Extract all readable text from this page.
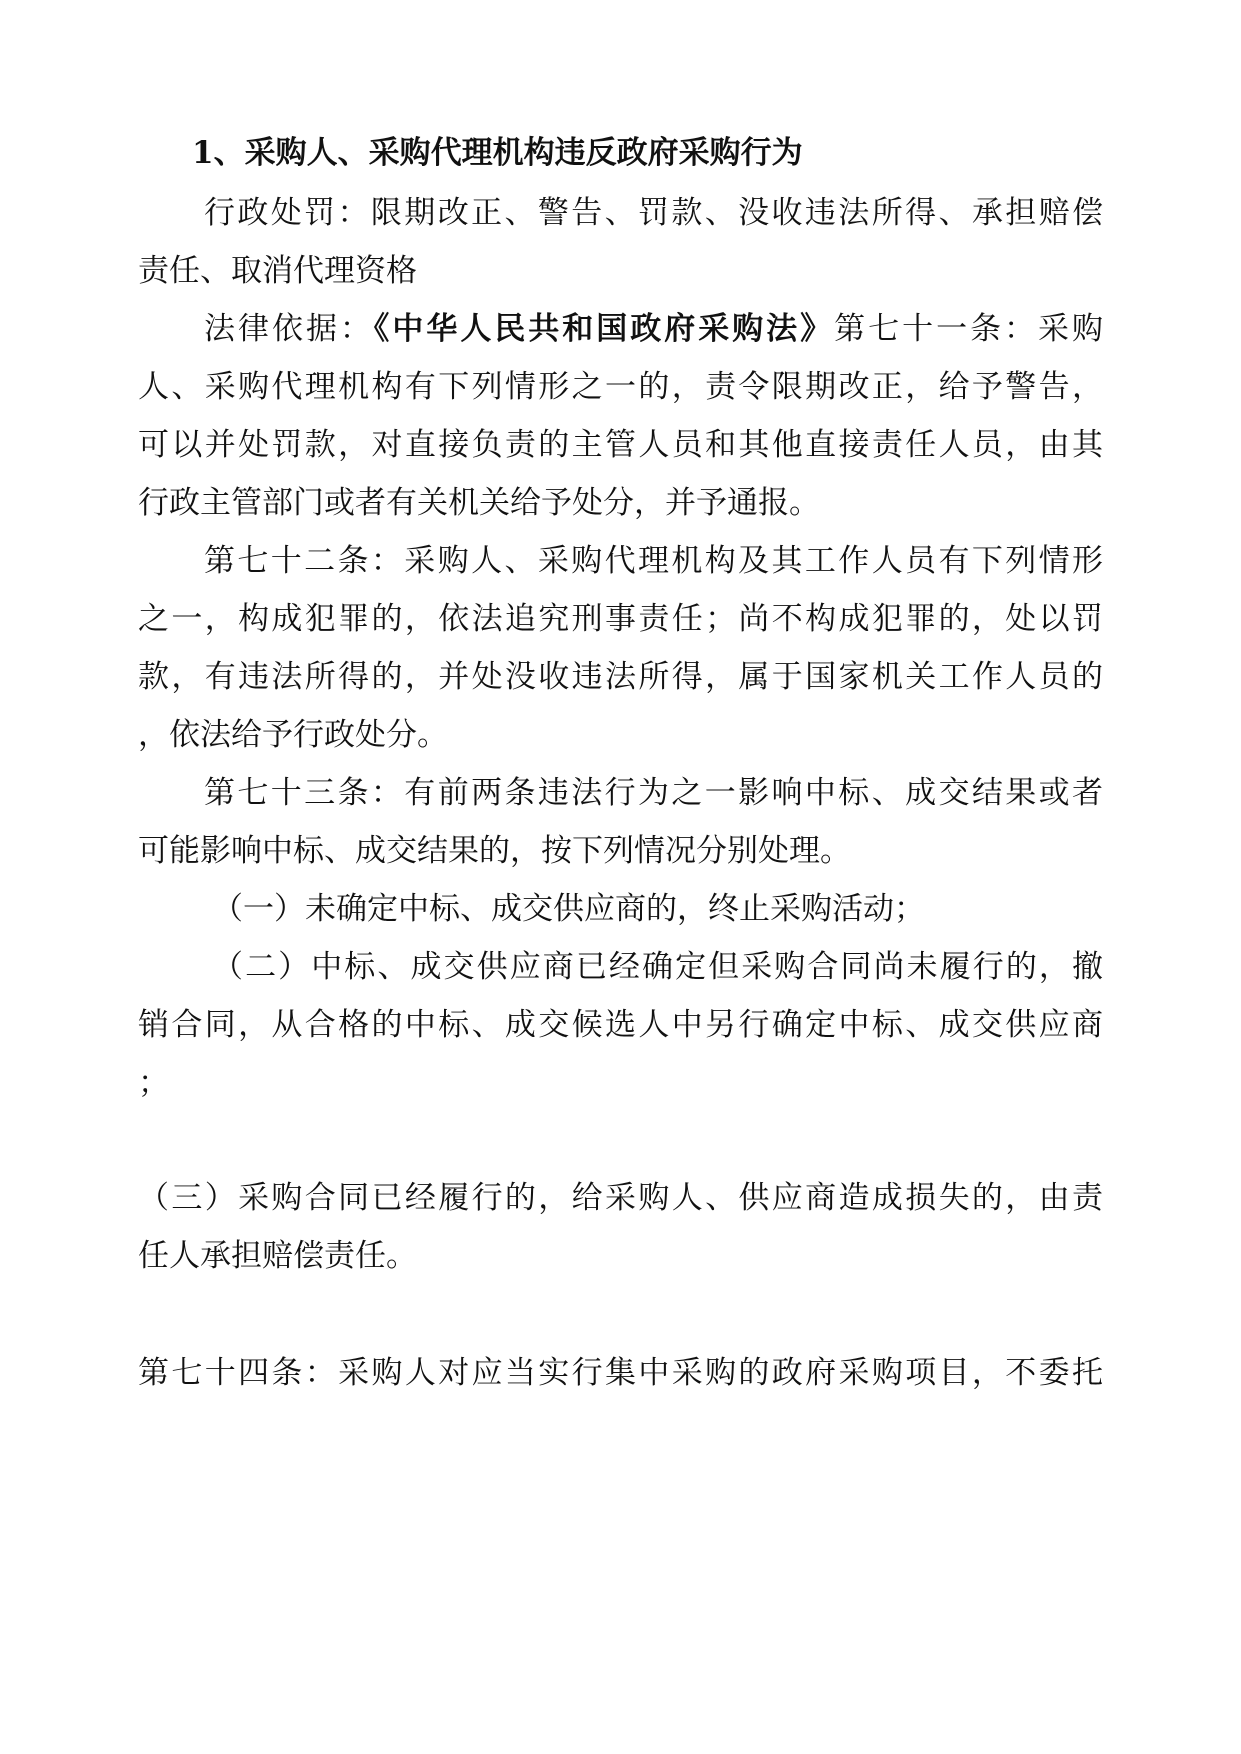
1、采购人、采购代理机构违反政府采购行为
行政处罚：限期改正、警告、罚款、没收违法所得、承担赔偿
责任、取消代理资格
法律依据：《中华人民共和国政府采购法》第七十一条：采购
人、采购代理机构有下列情形之一的，责令限期改正，给予警告，
可以并处罚款，对直接负责的主管人员和其他直接责任人员，由其
行政主管部门或者有关机关给予处分，并予通报。
第七十二条：采购人、采购代理机构及其工作人员有下列情形
之一，构成犯罪的，依法追究刑事责任；尚不构成犯罪的，处以罚
款，有违法所得的，并处没收违法所得，属于国家机关工作人员的
，依法给予行政处分。
第七十三条：有前两条违法行为之一影响中标、成交结果或者
可能影响中标、成交结果的，按下列情况分别处理。
（一）未确定中标、成交供应商的，终止采购活动；
（二）中标、成交供应商已经确定但采购合同尚未履行的，撤
销合同，从合格的中标、成交候选人中另行确定中标、成交供应商
；
（三）采购合同已经履行的，给采购人、供应商造成损失的，由责
任人承担赔偿责任。
第七十四条：采购人对应当实行集中采购的政府采购项目，不委托
